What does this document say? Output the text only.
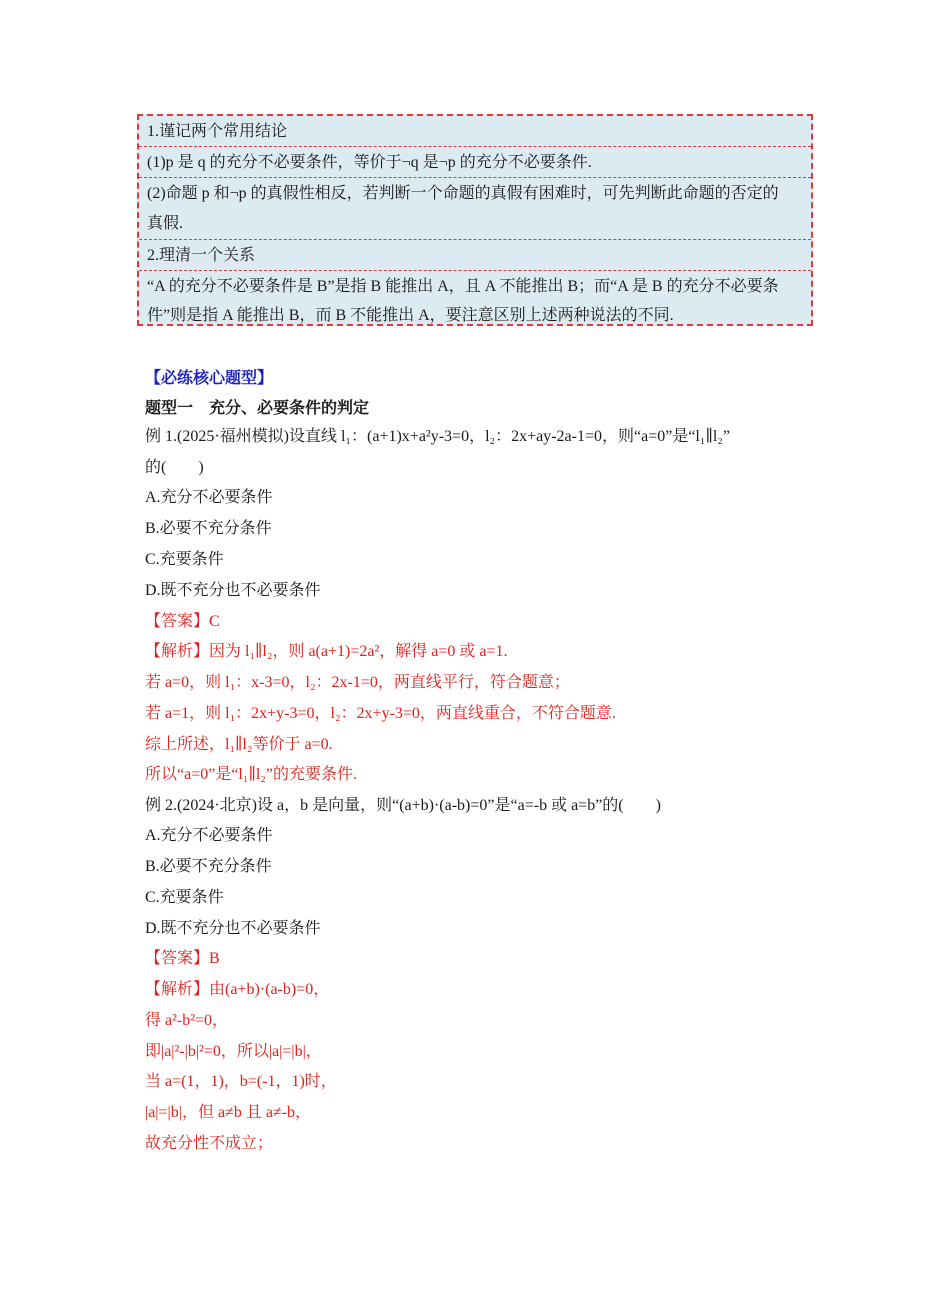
1.谨记两个常用结论
(1)p 是 q 的充分不必要条件，等价于¬q 是¬p 的充分不必要条件.
(2)命题 p 和¬p 的真假性相反，若判断一个命题的真假有困难时，可先判断此命题的否定的
真假.
2.理清一个关系
“A 的充分不必要条件是 B”是指 B 能推出 A，且 A 不能推出 B；而“A 是 B 的充分不必要条
件”则是指 A 能推出 B，而 B 不能推出 A，要注意区别上述两种说法的不同.
【必练核心题型】
题型一　充分、必要条件的判定
例 1.(2025·福州模拟)设直线 l₁：(a+1)x+a²y-3=0，l₂：2x+ay-2a-1=0，则“a=0”是“l₁∥l₂”
的(　　)
A.充分不必要条件
B.必要不充分条件
C.充要条件
D.既不充分也不必要条件
【答案】C
【解析】因为 l₁∥l₂，则 a(a+1)=2a²，解得 a=0 或 a=1.
若 a=0，则 l₁：x-3=0，l₂：2x-1=0，两直线平行，符合题意；
若 a=1，则 l₁：2x+y-3=0，l₂：2x+y-3=0，两直线重合，不符合题意.
综上所述，l₁∥l₂等价于 a=0.
所以“a=0”是“l₁∥l₂”的充要条件.
例 2.(2024·北京)设 a，b 是向量，则“(a+b)·(a-b)=0”是“a=-b 或 a=b”的(　　)
A.充分不必要条件
B.必要不充分条件
C.充要条件
D.既不充分也不必要条件
【答案】B
【解析】由(a+b)·(a-b)=0，
得 a²-b²=0，
即|a|²-|b|²=0，所以|a|=|b|，
当 a=(1，1)，b=(-1，1)时，
|a|=|b|，但 a≠b 且 a≠-b，
故充分性不成立；
